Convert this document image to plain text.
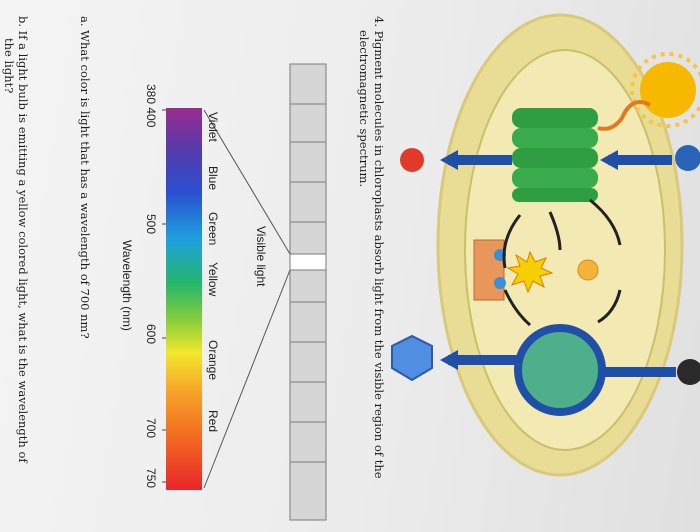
4. Pigment molecules in chloroplasts absorb light from the visible region of the
electromagnetic spectrum.
a. What color is light that has a wavelength of 700 nm?
b. If a light bulb is emitting a yellow colored light, what is the wavelength of
the light?
Visible light
Wavelength (nm)
380 400
500
600
700
750
Violet
Blue
Green
Yellow
Orange
Red
